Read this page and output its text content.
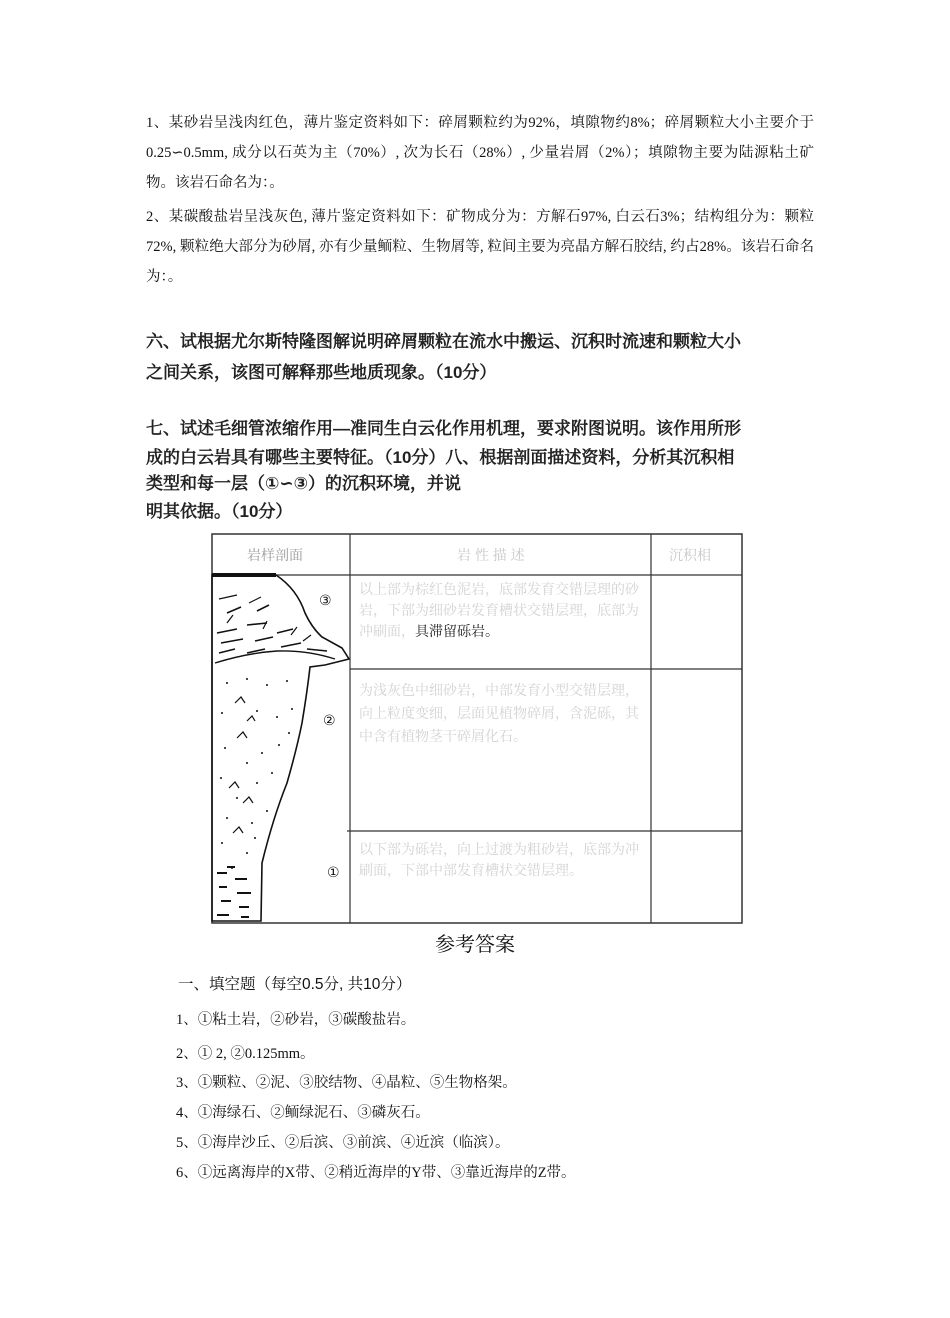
1、某砂岩呈浅肉红色，薄片鉴定资料如下：碎屑颗粒约为92%，填隙物约8%；碎屑颗粒大小主要介于0.25∽0.5mm, 成分以石英为主（70%）, 次为长石（28%）, 少量岩屑（2%）；填隙物主要为陆源粘土矿物。该岩石命名为：。
2、某碳酸盐岩呈浅灰色, 薄片鉴定资料如下：矿物成分为：方解石97%, 白云石3%；结构组分为：颗粒72%, 颗粒绝大部分为砂屑, 亦有少量鲕粒、生物屑等, 粒间主要为亮晶方解石胶结, 约占28%。该岩石命名为：。
六、试根据尤尔斯特隆图解说明碎屑颗粒在流水中搬运、沉积时流速和颗粒大小
之间关系，该图可解释那些地质现象。（10分）
七、试述毛细管浓缩作用—准同生白云化作用机理，要求附图说明。该作用所形
成的白云岩具有哪些主要特征。（10分）八、根据剖面描述资料，分析其沉积相
类型和每一层（①∽③）的沉积环境，并说
明其依据。（10分）
岩样剖面	岩 性 描 述	沉积相
③
②
①
以上部为棕红色泥岩，底部发育交错层理的砂岩，下部为细砂岩发育槽状交错层理，底部为冲刷面，具滞留砾岩。
为浅灰色中细砂岩，中部发育小型交错层理，向上粒度变细，层面见植物碎屑，含泥砾，其中含有植物茎干碎屑化石。
以下部为砾岩，向上过渡为粗砂岩，底部为冲刷面，下部中部发育槽状交错层理。
参考答案
一、填空题（每空0.5分, 共10分）
1、①粘土岩，②砂岩，③碳酸盐岩。
2、① 2, ②0.125mm。
3、①颗粒、②泥、③胶结物、④晶粒、⑤生物格架。
4、①海绿石、②鲕绿泥石、③磷灰石。
5、①海岸沙丘、②后滨、③前滨、④近滨（临滨）。
6、①远离海岸的X带、②稍近海岸的Y带、③靠近海岸的Z带。
